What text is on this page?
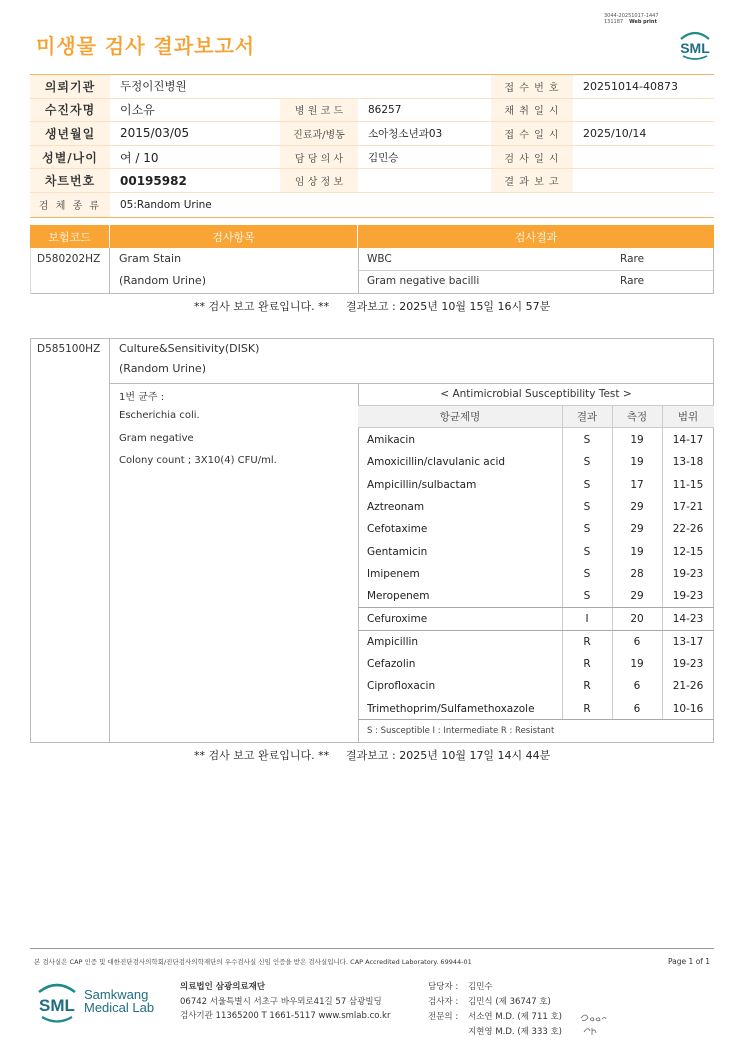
미생물 검사 결과보고서
3044-20251017-1447
131187 Web print
SML
의뢰기관	두정이진병원	접 수 번 호	20251014-40873
수진자명	이소유	병 원 코 드	86257	채 취 일 시
생년월일	2015/03/05	진료과/병동	소아청소년과03	접 수 일 시	2025/10/14
성별/나이	여 / 10	담 당 의 사	김민승	검 사 일 시
차트번호	00195982	임 상 정 보	결 과 보 고
검 체 종 류	05:Random Urine
보험코드	검사항목	검사결과
D580202HZ Gram Stain
(Random Urine)
WBC	Rare
Gram negative bacilli	Rare
** 검사 보고 완료입니다. ** 결과보고 : 2025년 10월 15일 16시 57분
D585100HZ Culture&Sensitivity(DISK)
(Random Urine)
1번 균주 :
Escherichia coli.
Gram negative
Colony count ; 3X10(4) CFU/ml.
< Antimicrobial Susceptibility Test >
항균제명	결과	측정	범위
Amikacin	S	19	14-17
Amoxicillin/clavulanic acid	S	19	13-18
Ampicillin/sulbactam	S	17	11-15
Aztreonam	S	29	17-21
Cefotaxime	S	29	22-26
Gentamicin	S	19	12-15
Imipenem	S	28	19-23
Meropenem	S	29	19-23
Cefuroxime	I	20	14-23
Ampicillin	R	6	13-17
Cefazolin	R	19	19-23
Ciprofloxacin	R	6	21-26
Trimethoprim/Sulfamethoxazole	R	6	10-16
S : Susceptible I : Intermediate R : Resistant
** 검사 보고 완료입니다. ** 결과보고 : 2025년 10월 17일 14시 44분
본 검사실은 CAP 인증 및 대한진단검사의학회/진단검사의학재단의 우수검사실 신임 인증을 받은 검사실입니다. CAP Accredited Laboratory. 69944-01	Page 1 of 1
SML
Samkwang
Medical Lab
의료법인 삼광의료재단
06742 서울특별시 서초구 바우뫼로41길 57 삼광빌딩
검사기관 11365200 T 1661-5117 www.smlab.co.kr
담당자 :	김민수
검사자 :	김민식 (제 36747 호)
전문의 :	서소연 M.D. (제 711 호)
지현영 M.D. (제 333 호)
